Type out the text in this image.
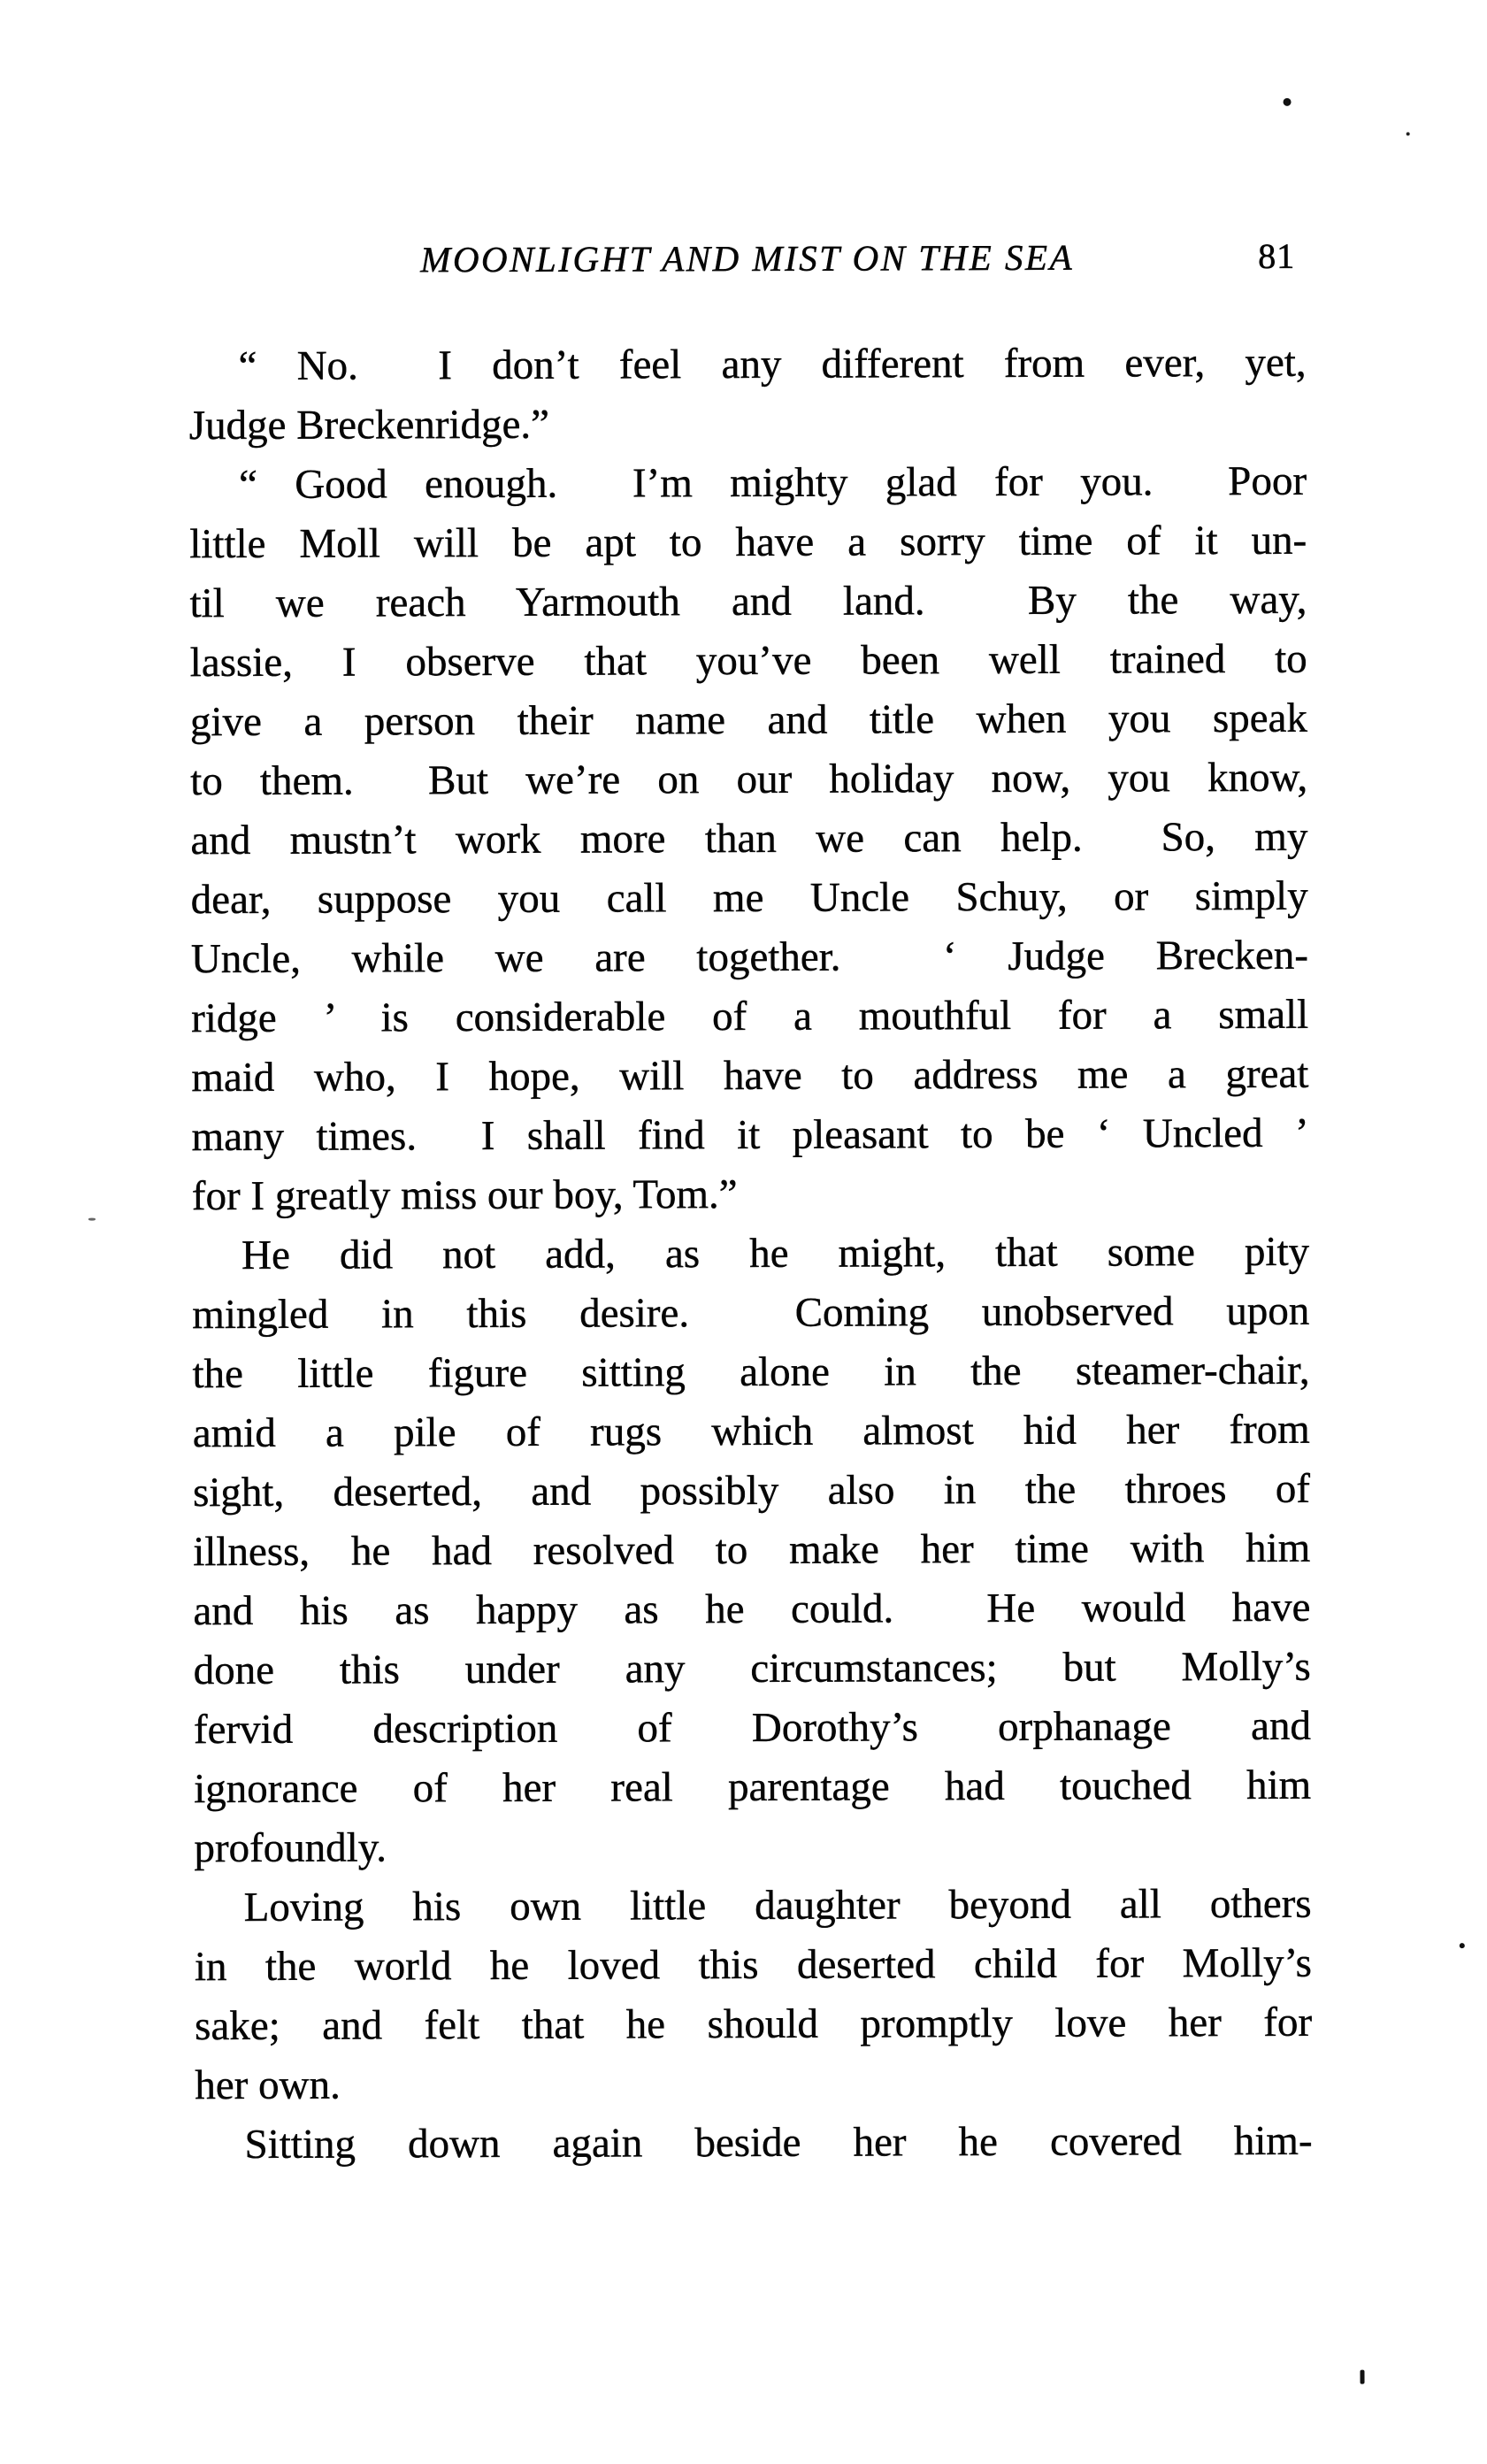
MOONLIGHT AND MIST ON THE SEA	81
“ No.  I don’t feel any different from ever, yet,
Judge Breckenridge.”
“ Good enough.  I’m mighty glad for you.  Poor
little Moll will be apt to have a sorry time of it un-
til we reach Yarmouth and land.  By the way,
lassie, I observe that you’ve been well trained to
give a person their name and title when you speak
to them.  But we’re on our holiday now, you know,
and mustn’t work more than we can help.  So, my
dear, suppose you call me Uncle Schuy, or simply
Uncle, while we are together.  ‘ Judge Brecken-
ridge ’ is considerable of a mouthful for a small
maid who, I hope, will have to address me a great
many times.  I shall find it pleasant to be ‘ Uncled ’
for I greatly miss our boy, Tom.”
He did not add, as he might, that some pity
mingled in this desire.  Coming unobserved upon
the little figure sitting alone in the steamer-chair,
amid a pile of rugs which almost hid her from
sight, deserted, and possibly also in the throes of
illness, he had resolved to make her time with him
and his as happy as he could.  He would have
done this under any circumstances; but Molly’s
fervid description of Dorothy’s orphanage and
ignorance of her real parentage had touched him
profoundly.
Loving his own little daughter beyond all others
in the world he loved this deserted child for Molly’s
sake; and felt that he should promptly love her for
her own.
Sitting down again beside her he covered him-
